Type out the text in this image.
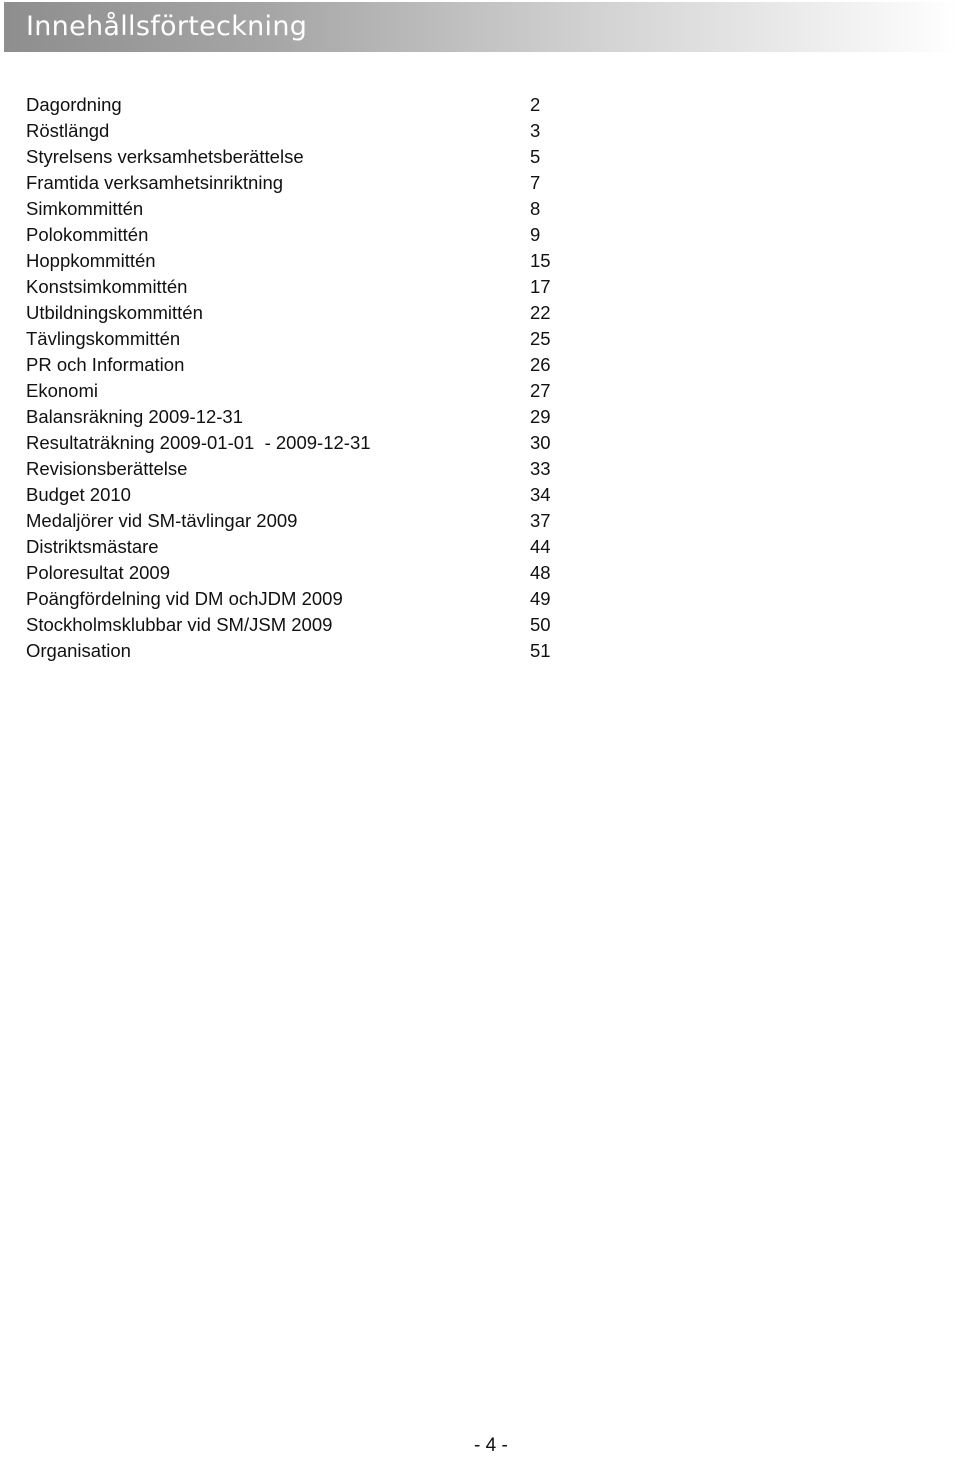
Innehållsförteckning
Dagordning	2
Röstlängd	3
Styrelsens verksamhetsberättelse	5
Framtida verksamhetsinriktning	7
Simkommittén	8
Polokommittén	9
Hoppkommittén	15
Konstsimkommittén	17
Utbildningskommittén	22
Tävlingskommittén	25
PR och Information	26
Ekonomi	27
Balansräkning 2009-12-31	29
Resultaträkning 2009-01-01  - 2009-12-31	30
Revisionsberättelse	33
Budget 2010	34
Medaljörer vid SM-tävlingar 2009	37
Distriktsmästare	44
Poloresultat 2009	48
Poängfördelning vid DM ochJDM 2009	49
Stockholmsklubbar vid SM/JSM 2009	50
Organisation	51
- 4 -
